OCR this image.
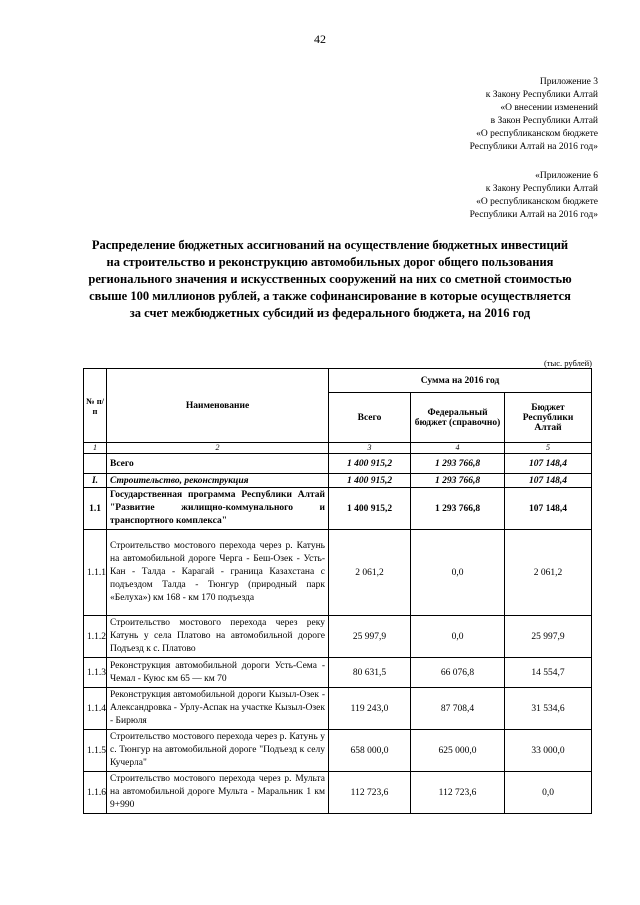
42
Приложение 3
к Закону Республики Алтай
«О внесении изменений
в Закон Республики Алтай
«О республиканском бюджете
Республики Алтай на 2016 год»
«Приложение 6
к Закону Республики Алтай
«О республиканском бюджете
Республики Алтай на 2016 год»
Распределение бюджетных ассигнований на осуществление бюджетных инвестиций
на строительство и реконструкцию автомобильных дорог общего пользования
регионального значения и искусственных сооружений на них со сметной стоимостью
свыше 100 миллионов рублей, а также софинансирование в которые осуществляется
за счет межбюджетных субсидий из федерального бюджета, на 2016 год
(тыс. рублей)
№ п/п	Наименование	Сумма на 2016 год		
		Всего	Федеральный бюджет (справочно)	Бюджет Республики Алтай
1	2	3	4	5
	Всего	1 400 915,2	1 293 766,8	107 148,4
I.	Строительство, реконструкция	1 400 915,2	1 293 766,8	107 148,4
1.1	Государственная программа Республики Алтай "Развитие жилищно-коммунального и транспортного комплекса"	1 400 915,2	1 293 766,8	107 148,4
1.1.1	Строительство мостового перехода через р. Катунь на автомобильной дороге Черга - Беш-Озек - Усть-Кан - Талда - Карагай - граница Казахстана с подъездом Талда - Тюнгур (природный парк «Белуха») км 168 - км 170 подъезда	2 061,2	0,0	2 061,2
1.1.2	Строительство мостового перехода через реку Катунь у села Платово на автомобильной дороге Подъезд к с. Платово	25 997,9	0,0	25 997,9
1.1.3	Реконструкция автомобильной дороги Усть-Сема - Чемал - Куюс км 65 — км 70	80 631,5	66 076,8	14 554,7
1.1.4	Реконструкция автомобильной дороги Кызыл-Озек - Александровка - Урлу-Аспак на участке Кызыл-Озек - Бирюля	119 243,0	87 708,4	31 534,6
1.1.5	Строительство мостового перехода через р. Катунь у с. Тюнгур на автомобильной дороге "Подъезд к селу Кучерла"	658 000,0	625 000,0	33 000,0
1.1.6	Строительство мостового перехода через р. Мульта на автомобильной дороге Мульта - Маральник 1 км 9+990	112 723,6	112 723,6	0,0
